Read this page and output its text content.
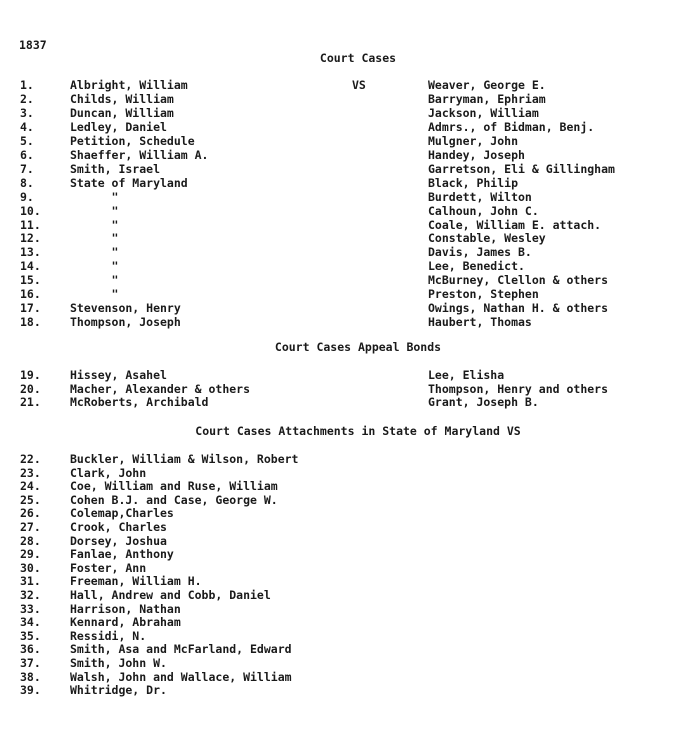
1837
Court Cases
Court Cases Appeal Bonds
Court Cases Attachments in State of Maryland VS
1.	Albright, William	VS	Weaver, George E.
2.	Childs, William	Barryman, Ephriam
3.	Duncan, William	Jackson, William
4.	Ledley, Daniel	Admrs., of Bidman, Benj.
5.	Petition, Schedule	Mulgner, John
6.	Shaeffer, William A.	Handey, Joseph
7.	Smith, Israel	Garretson, Eli & Gillingham
8.	State of Maryland	Black, Philip
9.	"	Burdett, Wilton
10.	"	Calhoun, John C.
11.	"	Coale, William E. attach.
12.	"	Constable, Wesley
13.	"	Davis, James B.
14.	"	Lee, Benedict.
15.	"	McBurney, Clellon & others
16.	"	Preston, Stephen
17.	Stevenson, Henry	Owings, Nathan H. & others
18.	Thompson, Joseph	Haubert, Thomas
19.	Hissey, Asahel	Lee, Elisha
20.	Macher, Alexander & others	Thompson, Henry and others
21.	McRoberts, Archibald	Grant, Joseph B.
22.	Buckler, William & Wilson, Robert
23.	Clark, John
24.	Coe, William and Ruse, William
25.	Cohen B.J. and Case, George W.
26.	Colemap,Charles
27.	Crook, Charles
28.	Dorsey, Joshua
29.	Fanlae, Anthony
30.	Foster, Ann
31.	Freeman, William H.
32.	Hall, Andrew and Cobb, Daniel
33.	Harrison, Nathan
34.	Kennard, Abraham
35.	Ressidi, N.
36.	Smith, Asa and McFarland, Edward
37.	Smith, John W.
38.	Walsh, John and Wallace, William
39.	Whitridge, Dr.
